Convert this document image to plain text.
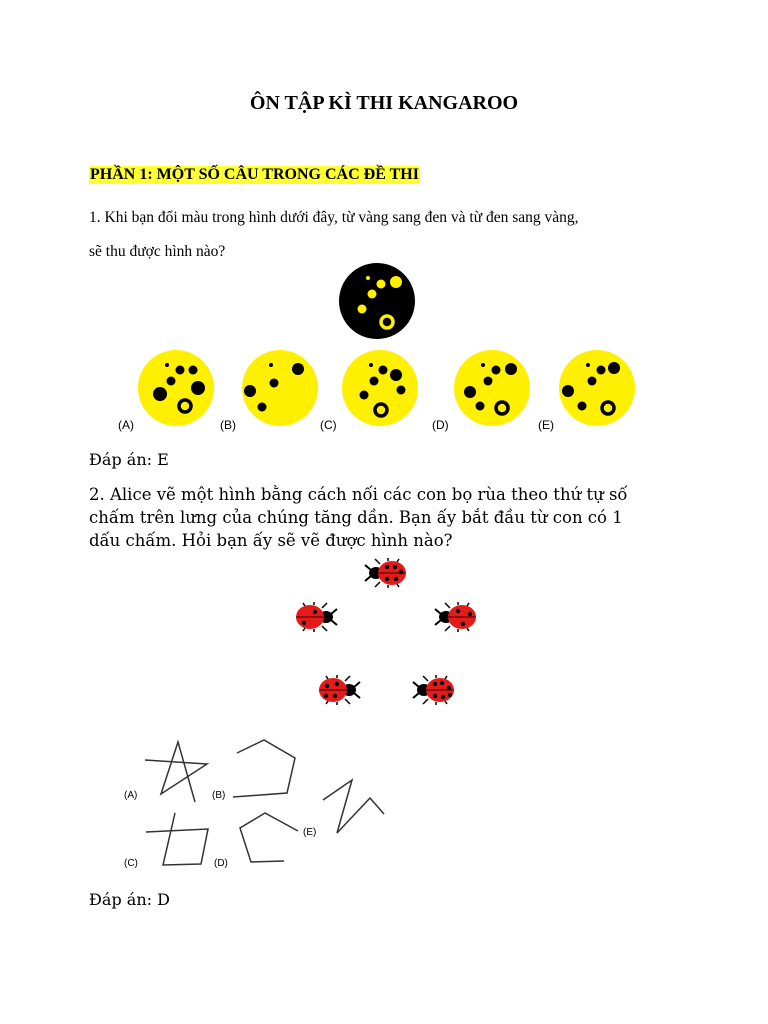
ÔN TẬP KÌ THI KANGAROO
PHẦN 1: MỘT SỐ CÂU TRONG CÁC ĐỀ THI
1. Khi bạn đổi màu trong hình dưới đây, từ vàng sang đen và từ đen sang vàng,
sẽ thu được hình nào?
(A)	(B)	(C)	(D)	(E)
Đáp án: E
2. Alice vẽ một hình bằng cách nối các con bọ rùa theo thứ tự số
chấm trên lưng của chúng tăng dần. Bạn ấy bắt đầu từ con có 1
dấu chấm. Hỏi bạn ấy sẽ vẽ được hình nào?
(A)	(B)
(C)	(D)
(E)
Đáp án: D
